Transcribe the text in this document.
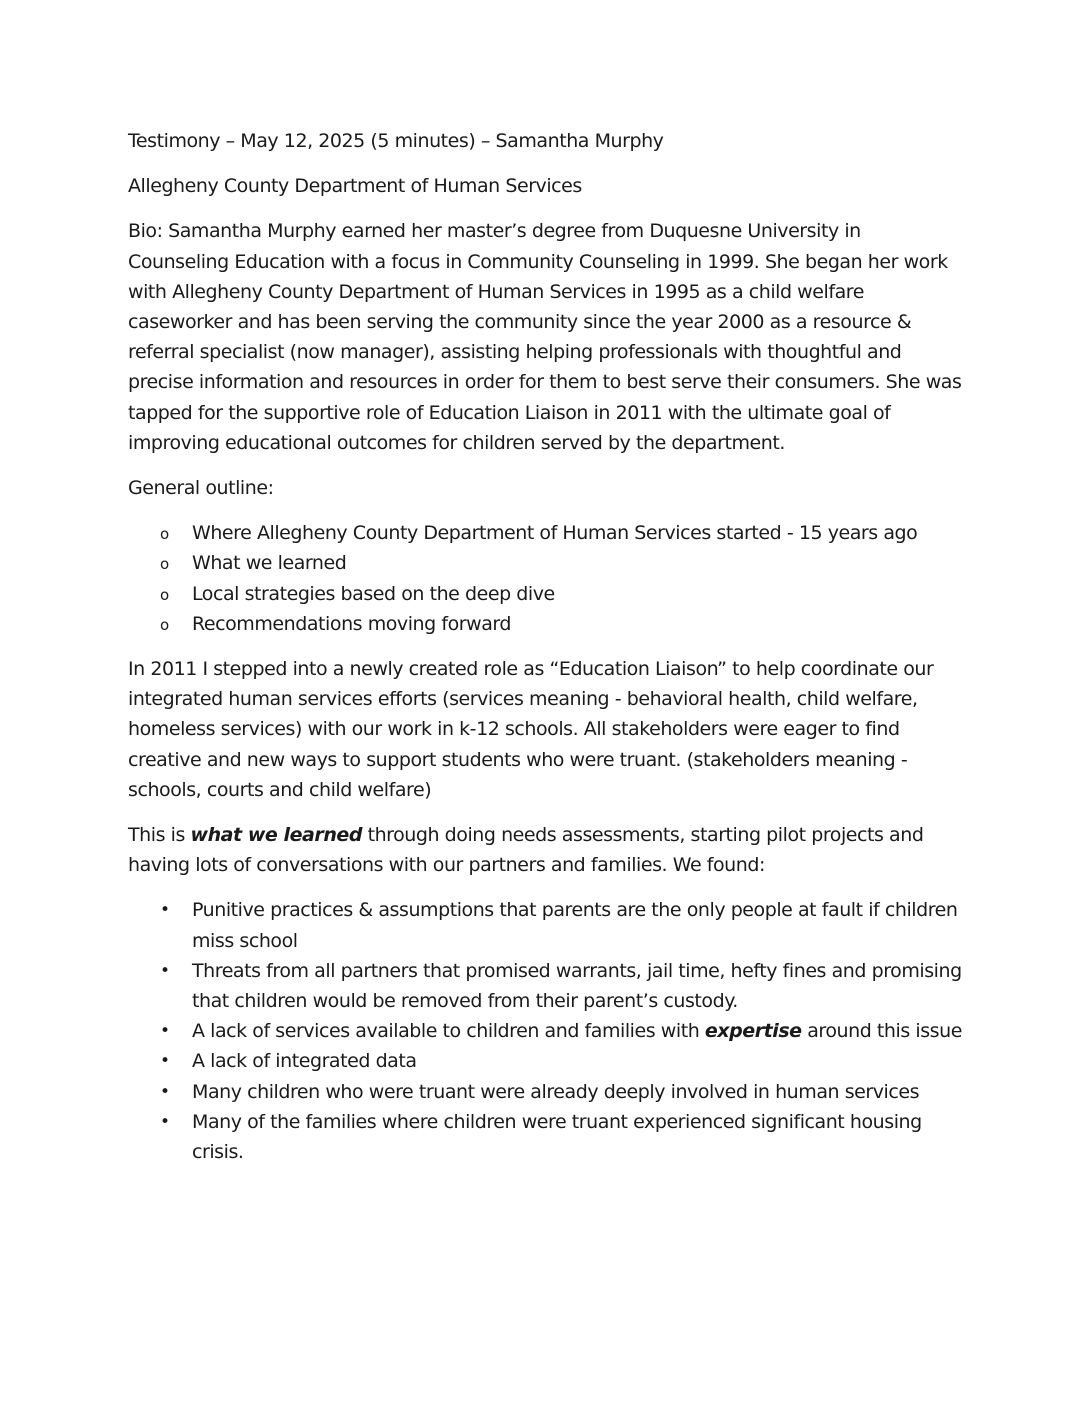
Testimony – May 12, 2025 (5 minutes) – Samantha Murphy

Allegheny County Department of Human Services

Bio: Samantha Murphy earned her master’s degree from Duquesne University in Counseling Education with a focus in Community Counseling in 1999. She began her work with Allegheny County Department of Human Services in 1995 as a child welfare caseworker and has been serving the community since the year 2000 as a resource & referral specialist (now manager), assisting helping professionals with thoughtful and precise information and resources in order for them to best serve their consumers. She was tapped for the supportive role of Education Liaison in 2011 with the ultimate goal of improving educational outcomes for children served by the department.

General outline:

o	Where Allegheny County Department of Human Services started - 15 years ago
o	What we learned
o	Local strategies based on the deep dive
o	Recommendations moving forward

In 2011 I stepped into a newly created role as “Education Liaison” to help coordinate our integrated human services efforts (services meaning - behavioral health, child welfare, homeless services) with our work in k-12 schools. All stakeholders were eager to find creative and new ways to support students who were truant. (stakeholders meaning - schools, courts and child welfare)

This is what we learned through doing needs assessments, starting pilot projects and having lots of conversations with our partners and families. We found:

•	Punitive practices & assumptions that parents are the only people at fault if children miss school
•	Threats from all partners that promised warrants, jail time, hefty fines and promising that children would be removed from their parent’s custody.
•	A lack of services available to children and families with expertise around this issue
•	A lack of integrated data
•	Many children who were truant were already deeply involved in human services
•	Many of the families where children were truant experienced significant housing crisis.
